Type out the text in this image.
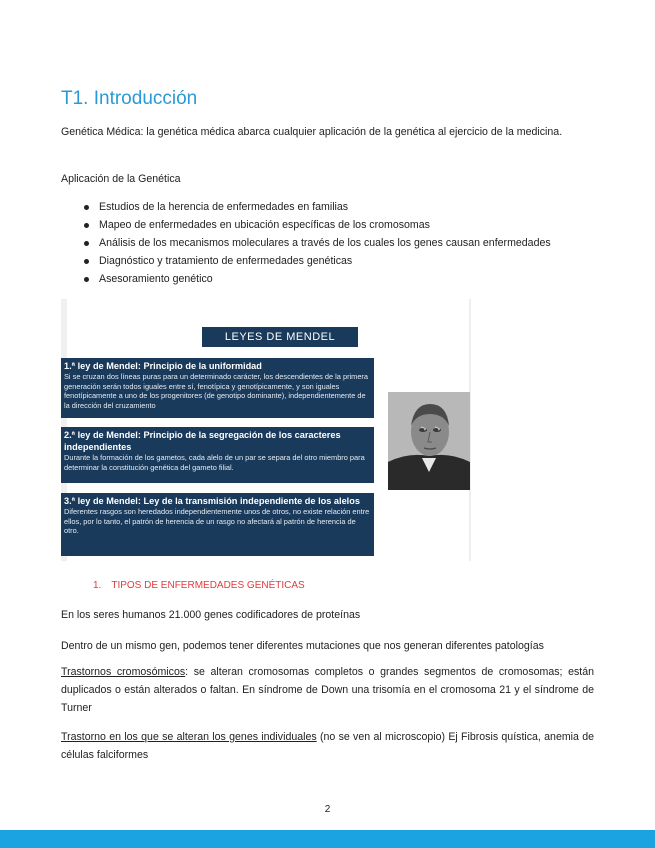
T1. Introducción

Genética Médica: la genética médica abarca cualquier aplicación de la genética al ejercicio de la medicina.

Aplicación de la Genética

Estudios de la herencia de enfermedades en familias
Mapeo de enfermedades en ubicación específicas de los cromosomas
Análisis de los mecanismos moleculares a través de los cuales los genes causan enfermedades
Diagnóstico y tratamiento de enfermedades genéticas
Asesoramiento genético
LEYES DE MENDEL
1.ª ley de Mendel: Principio de la uniformidad
Si se cruzan dos líneas puras para un determinado carácter, los descendientes de la primera generación serán todos iguales entre sí, fenotípica y genotípicamente, y son iguales fenotípicamente a uno de los progenitores (de genotipo dominante), independientemente de la dirección del cruzamiento
2.ª ley de Mendel: Principio de la segregación de los caracteres independientes
Durante la formación de los gametos, cada alelo de un par se separa del otro miembro para determinar la constitución genética del gameto filial.
3.ª ley de Mendel: Ley de la transmisión independiente de los alelos
Diferentes rasgos son heredados independientemente unos de otros, no existe relación entre ellos, por lo tanto, el patrón de herencia de un rasgo no afectará al patrón de herencia de otro.

1. TIPOS DE ENFERMEDADES GENÉTICAS

En los seres humanos 21.000 genes codificadores de proteínas

Dentro de un mismo gen, podemos tener diferentes mutaciones que nos generan diferentes patologías

Trastornos cromosómicos: se alteran cromosomas completos o grandes segmentos de cromosomas; están duplicados o están alterados o faltan. En síndrome de Down una trisomía en el cromosoma 21 y el síndrome de Turner

Trastorno en los que se alteran los genes individuales (no se ven al microscopio) Ej Fibrosis quística, anemia de células falciformes

2
